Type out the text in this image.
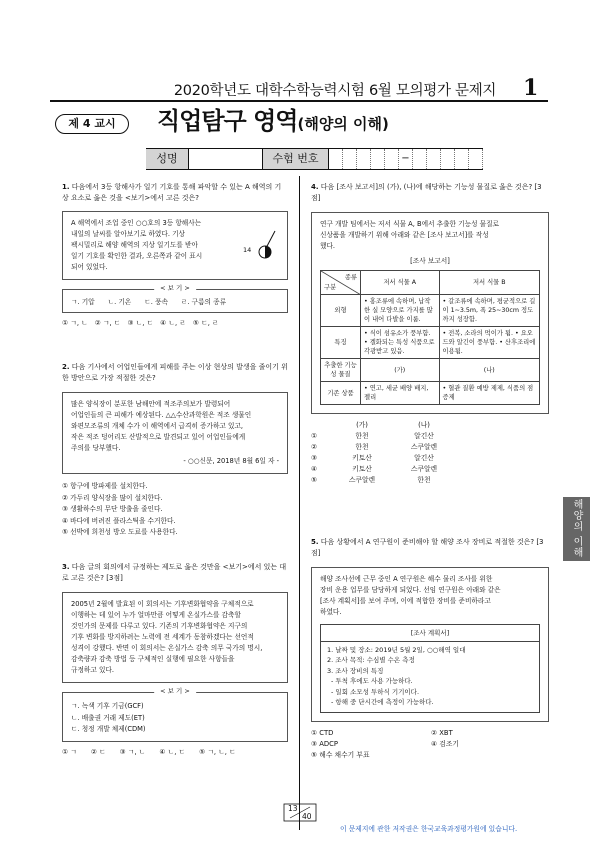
2020학년도 대학수학능력시험 6월 모의평가 문제지	1
제 4 교시	직업탐구 영역(해양의 이해)
성명	수험 번호	−
1. 다음에서 3등 항해사가 일기 기호를 통해 파악할 수 있는 A 해역의 기상 요소로 옳은 것을 <보기>에서 고른 것은?
A 해역에서 조업 중인 ○○호의 3등 항해사는
내일의 날씨를 알아보기로 하였다. 기상
팩시밀리로 해양 해역의 지상 일기도를 받아
일기 기호를 확인한 결과, 오른쪽과 같이 표시
되어 있었다.
14
< 보 기 >
ㄱ. 기압 ㄴ. 기온 ㄷ. 풍속 ㄹ. 구름의 종류
① ㄱ, ㄴ ② ㄱ, ㄷ ③ ㄴ, ㄷ ④ ㄴ, ㄹ ⑤ ㄷ, ㄹ
2. 다음 기사에서 어업인들에게 피해를 주는 이상 현상의 발생을 줄이기 위한 방안으로 가장 적절한 것은?
많은 양식장이 분포한 남해안에 적조주의보가 발령되어
어업인들의 큰 피해가 예상된다. △△수산과학원은 적조 생물인
와편모조류의 개체 수가 이 해역에서 급격히 증가하고 있고,
작은 적조 덩어리도 산발적으로 발견되고 있어 어업인들에게
주의를 당부했다.
- ○○신문, 2018년 8월 6일 자 -
① 항구에 방파제를 설치한다.
② 가두리 양식장을 많이 설치한다.
③ 생활하수의 무단 방출을 줄인다.
④ 바다에 버려진 플라스틱을 수거한다.
⑤ 선박에 희천성 방오 도료를 사용한다.
3. 다음 글의 회의에서 규정하는 제도로 옳은 것만을 <보기>에서 있는 대로 고른 것은? [3점]
2005년 2월에 발효된 이 회의서는 기후변화협약을 구체적으로
이행하는 데 있어 누가 얼마만큼 어떻게 온실가스를 감축할
것인가의 문제를 다루고 있다. 기존의 기후변화협약은 지구의
기후 변화를 방지하려는 노력에 전 세계가 동참하겠다는 선언적
성격이 강했다. 반면 이 회의서는 온실가스 감축 의무 국가의 명시,
감축량과 감축 방법 등 구체적인 실행에 필요한 사항들을
규정하고 있다.
< 보 기 >
ㄱ. 녹색 기후 기금(GCF)
ㄴ. 배출권 거래 제도(ET)
ㄷ. 청정 개발 체제(CDM)
① ㄱ ② ㄷ ③ ㄱ, ㄴ ④ ㄴ, ㄷ ⑤ ㄱ, ㄴ, ㄷ
4. 다음 [조사 보고서]의 (가), (나)에 해당하는 기능성 물질로 옳은 것은? [3점]
연구 개발 팀에서는 저서 식물 A, B에서 추출한 기능성 물질로
신상품을 개발하기 위해 아래와 같은 [조사 보고서]를 작성
했다.
[조사 보고서]
종류
구분	저서 식물 A	저서 식물 B
외형	• 홍조류에 속하며, 납작한 실 모양으로 가지를 많이 내어 다발을 이룸.	• 갈조류에 속하며, 평균적으로 길이 1∼3.5m, 폭 25∼30cm 정도까지 성장함.
특징	• 식이 섬유소가 풍부함. • 겔화되는 특성 식품으로 각광받고 있음.	• 전복, 소라의 먹이가 됨. • 요오드와 알긴이 풍부함. • 산후조리에 이용됨.
추출한 기능성 물질	(가)	(나)
기존 상품	• 연고, 세균 배양 배지, 젤리	• 혈관 질환 예방 제제, 식품의 점증제
(가)	(나)
①	한천	알긴산
②	한천	스쿠알렌
③	키토산	알긴산
④	키토산	스쿠알렌
⑤	스쿠알렌	한천
5. 다음 상황에서 A 연구원이 준비해야 할 해양 조사 장비로 적절한 것은? [3점]
해양 조사선에 근무 중인 A 연구원은 해수 물리 조사를 위한
장비 운용 업무를 담당하게 되었다. 선임 연구원은 아래와 같은
[조사 계획서]를 보여 주며, 이에 적합한 장비를 준비하라고
하였다.
[조사 계획서]
1. 날짜 및 장소: 2019년 5월 2일, ○○해역 일대
2. 조사 목적: 수심별 수온 측정
3. 조사 장비의 특징
- 투척 후에도 사용 가능하다.
- 일회 소모성 투하식 기기이다.
- 항해 중 단시간에 측정이 가능하다.
① CTD	② XBT
③ ADCP	④ 검조기
⑤ 해수 채수기 부표
해양의 이해
13
40
이 문제지에 관한 저작권은 한국교육과정평가원에 있습니다.
